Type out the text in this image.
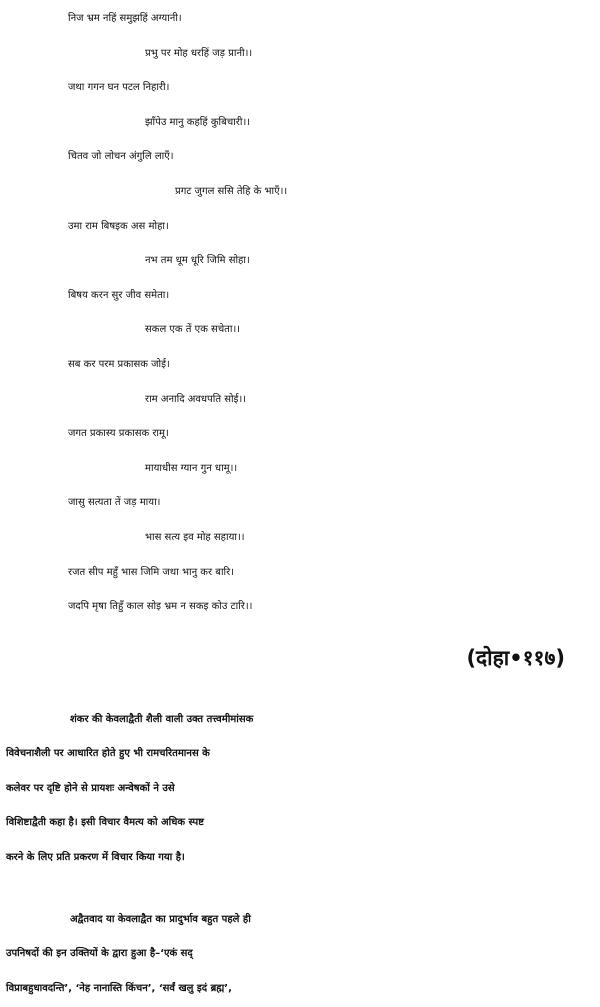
निज भ्रम नहिं समुझहिं अग्यानी।
प्रभु पर मोह धरहिं जड़ प्रानी।।
जथा गगन घन पटल निहारी।
झाँपेउ मानु कहहिं कुबिचारी।।
चितव जो लोचन अंगुलि लाएँ।
प्रगट जुगल ससि तेहि के भाएँ।।
उमा राम बिषइक अस मोहा।
नभ तम धूम धूरि जिमि सोहा।
बिषय करन सुर जीव समेता।
सकल एक तें एक सचेता।।
सब कर परम प्रकासक जोई।
राम अनादि अवधपति सोई।।
जगत प्रकास्य प्रकासक रामू।
मायाधीस ग्यान गुन धामू।।
जासु सत्यता तें जड़ माया।
भास सत्य इव मोह सहाया।।
रजत सीप महुँ भास जिमि जथा भानु कर बारि।
जदपि मृषा तिहुँ काल सोइ भ्रम न सकइ कोउ टारि।।
(दोहा•११७)
शंकर की केवलाद्वैती शैली वाली उक्त तत्त्वमीमांसक
विवेचनाशैली पर आधारित होते हुए भी रामचरितमानस के
कलेवर पर दृष्टि होने से प्रायशः अन्वेषकों ने उसे
विशिष्टाद्वैती कहा है। इसी विचार वैमत्य को अधिक स्पष्ट
करने के लिए प्रति प्रकरण में विचार किया गया है।
अद्वैतवाद या केवलाद्वैत का प्रादुर्भाव बहुत पहले ही
उपनिषदों की इन उक्तियों के द्वारा हुआ है–‘एकं सद्
विप्राबहुधावदन्ति’, ‘नेह नानास्ति किंचन’, ‘सर्वं खलु इदं ब्रह्म’,
